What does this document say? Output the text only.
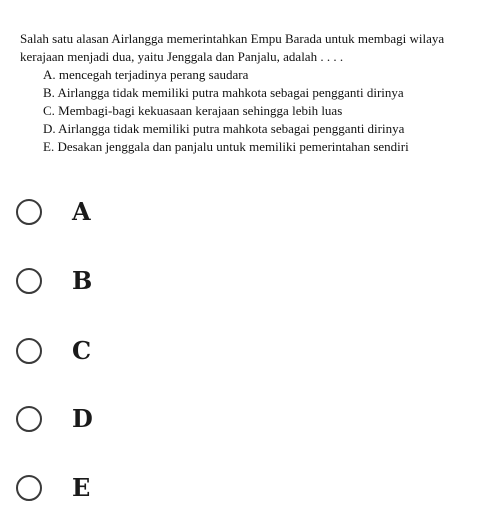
Salah satu alasan Airlangga memerintahkan Empu Barada untuk membagi wilaya
kerajaan menjadi dua, yaitu Jenggala dan Panjalu, adalah . . . .
A. mencegah terjadinya perang saudara
B. Airlangga tidak memiliki putra mahkota sebagai pengganti dirinya
C. Membagi-bagi kekuasaan kerajaan sehingga lebih luas
D. Airlangga tidak memiliki putra mahkota sebagai pengganti dirinya
E. Desakan jenggala dan panjalu untuk memiliki pemerintahan sendiri
A
B
C
D
E
